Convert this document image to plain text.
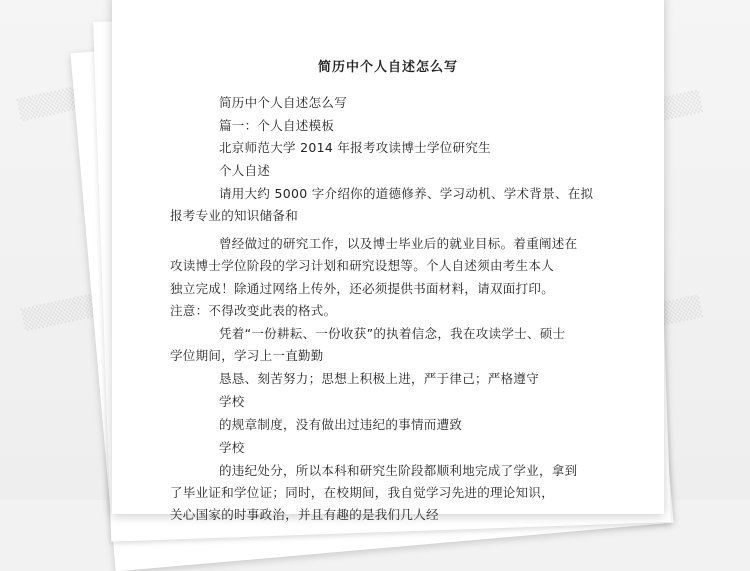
▒▒▒▒▒	▒▒▒▒
▒▒▒▒▒	▒▒▒▒
简历中个人自述怎么写
简历中个人自述怎么写
篇一：个人自述模板
北京师范大学 2014 年报考攻读博士学位研究生
个人自述
请用大约 5000 字介绍你的道德修养、学习动机、学术背景、在拟
报考专业的知识储备和
曾经做过的研究工作，以及博士毕业后的就业目标。着重阐述在
攻读博士学位阶段的学习计划和研究设想等。个人自述须由考生本人
独立完成！除通过网络上传外，还必须提供书面材料，请双面打印。
注意：不得改变此表的格式。
凭着“一份耕耘、一份收获”的执着信念，我在攻读学士、硕士
学位期间，学习上一直勤勤
恳恳、刻苦努力；思想上积极上进，严于律己；严格遵守
学校
的规章制度，没有做出过违纪的事情而遭致
学校
的违纪处分，所以本科和研究生阶段都顺利地完成了学业，拿到
了毕业证和学位证；同时，在校期间，我自觉学习先进的理论知识，
关心国家的时事政治，并且有趣的是我们几人经
